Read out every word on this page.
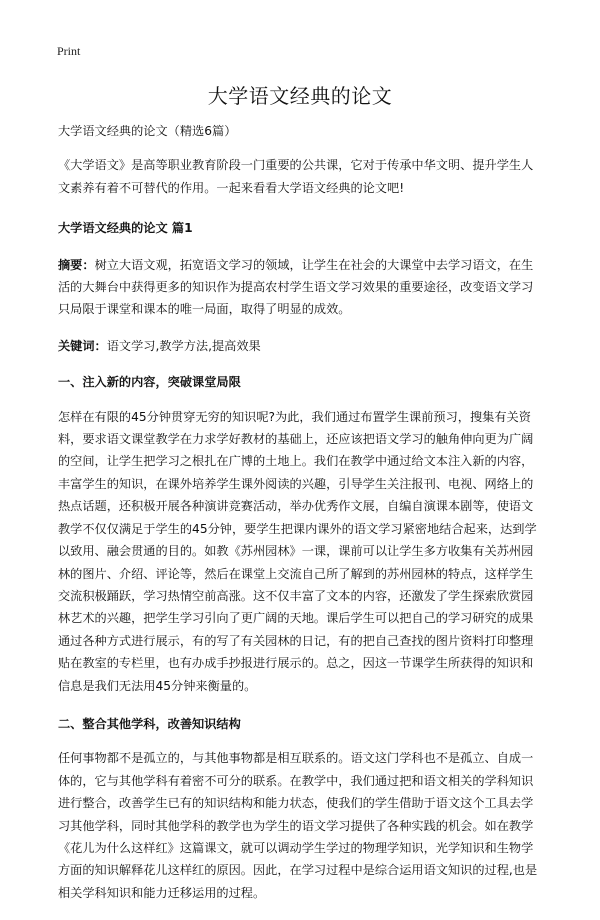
Print
大学语文经典的论文

大学语文经典的论文（精选6篇）

《大学语文》是高等职业教育阶段一门重要的公共课，它对于传承中华文明、提升学生人文素养有着不可替代的作用。一起来看看大学语文经典的论文吧!

大学语文经典的论文 篇1

摘要：树立大语文观，拓宽语文学习的领域，让学生在社会的大课堂中去学习语文，在生活的大舞台中获得更多的知识作为提高农村学生语文学习效果的重要途径，改变语文学习只局限于课堂和课本的唯一局面，取得了明显的成效。

关键词：语文学习,教学方法,提高效果

一、注入新的内容，突破课堂局限

怎样在有限的45分钟贯穿无穷的知识呢?为此，我们通过布置学生课前预习，搜集有关资料，要求语文课堂教学在力求学好教材的基础上，还应该把语文学习的触角伸向更为广阔的空间，让学生把学习之根扎在广博的土地上。我们在教学中通过给文本注入新的内容，丰富学生的知识，在课外培养学生课外阅读的兴趣，引导学生关注报刊、电视、网络上的热点话题，还积极开展各种演讲竞赛活动，举办优秀作文展，自编自演课本剧等，使语文教学不仅仅满足于学生的45分钟，要学生把课内课外的语文学习紧密地结合起来，达到学以致用、融会贯通的目的。如教《苏州园林》一课，课前可以让学生多方收集有关苏州园林的图片、介绍、评论等，然后在课堂上交流自己所了解到的苏州园林的特点，这样学生交流积极踊跃，学习热情空前高涨。这不仅丰富了文本的内容，还激发了学生探索欣赏园林艺术的兴趣，把学生学习引向了更广阔的天地。课后学生可以把自己的学习研究的成果通过各种方式进行展示，有的写了有关园林的日记，有的把自己查找的图片资料打印整理贴在教室的专栏里，也有办成手抄报进行展示的。总之，因这一节课学生所获得的知识和信息是我们无法用45分钟来衡量的。

二、整合其他学科，改善知识结构

任何事物都不是孤立的，与其他事物都是相互联系的。语文这门学科也不是孤立、自成一体的，它与其他学科有着密不可分的联系。在教学中，我们通过把和语文相关的学科知识进行整合，改善学生已有的知识结构和能力状态，使我们的学生借助于语文这个工具去学习其他学科，同时其他学科的教学也为学生的语文学习提供了各种实践的机会。如在教学《花儿为什么这样红》这篇课文，就可以调动学生学过的物理学知识，光学知识和生物学方面的知识解释花儿这样红的原因。因此，在学习过程中是综合运用语文知识的过程,也是相关学科知识和能力迁移运用的过程。
